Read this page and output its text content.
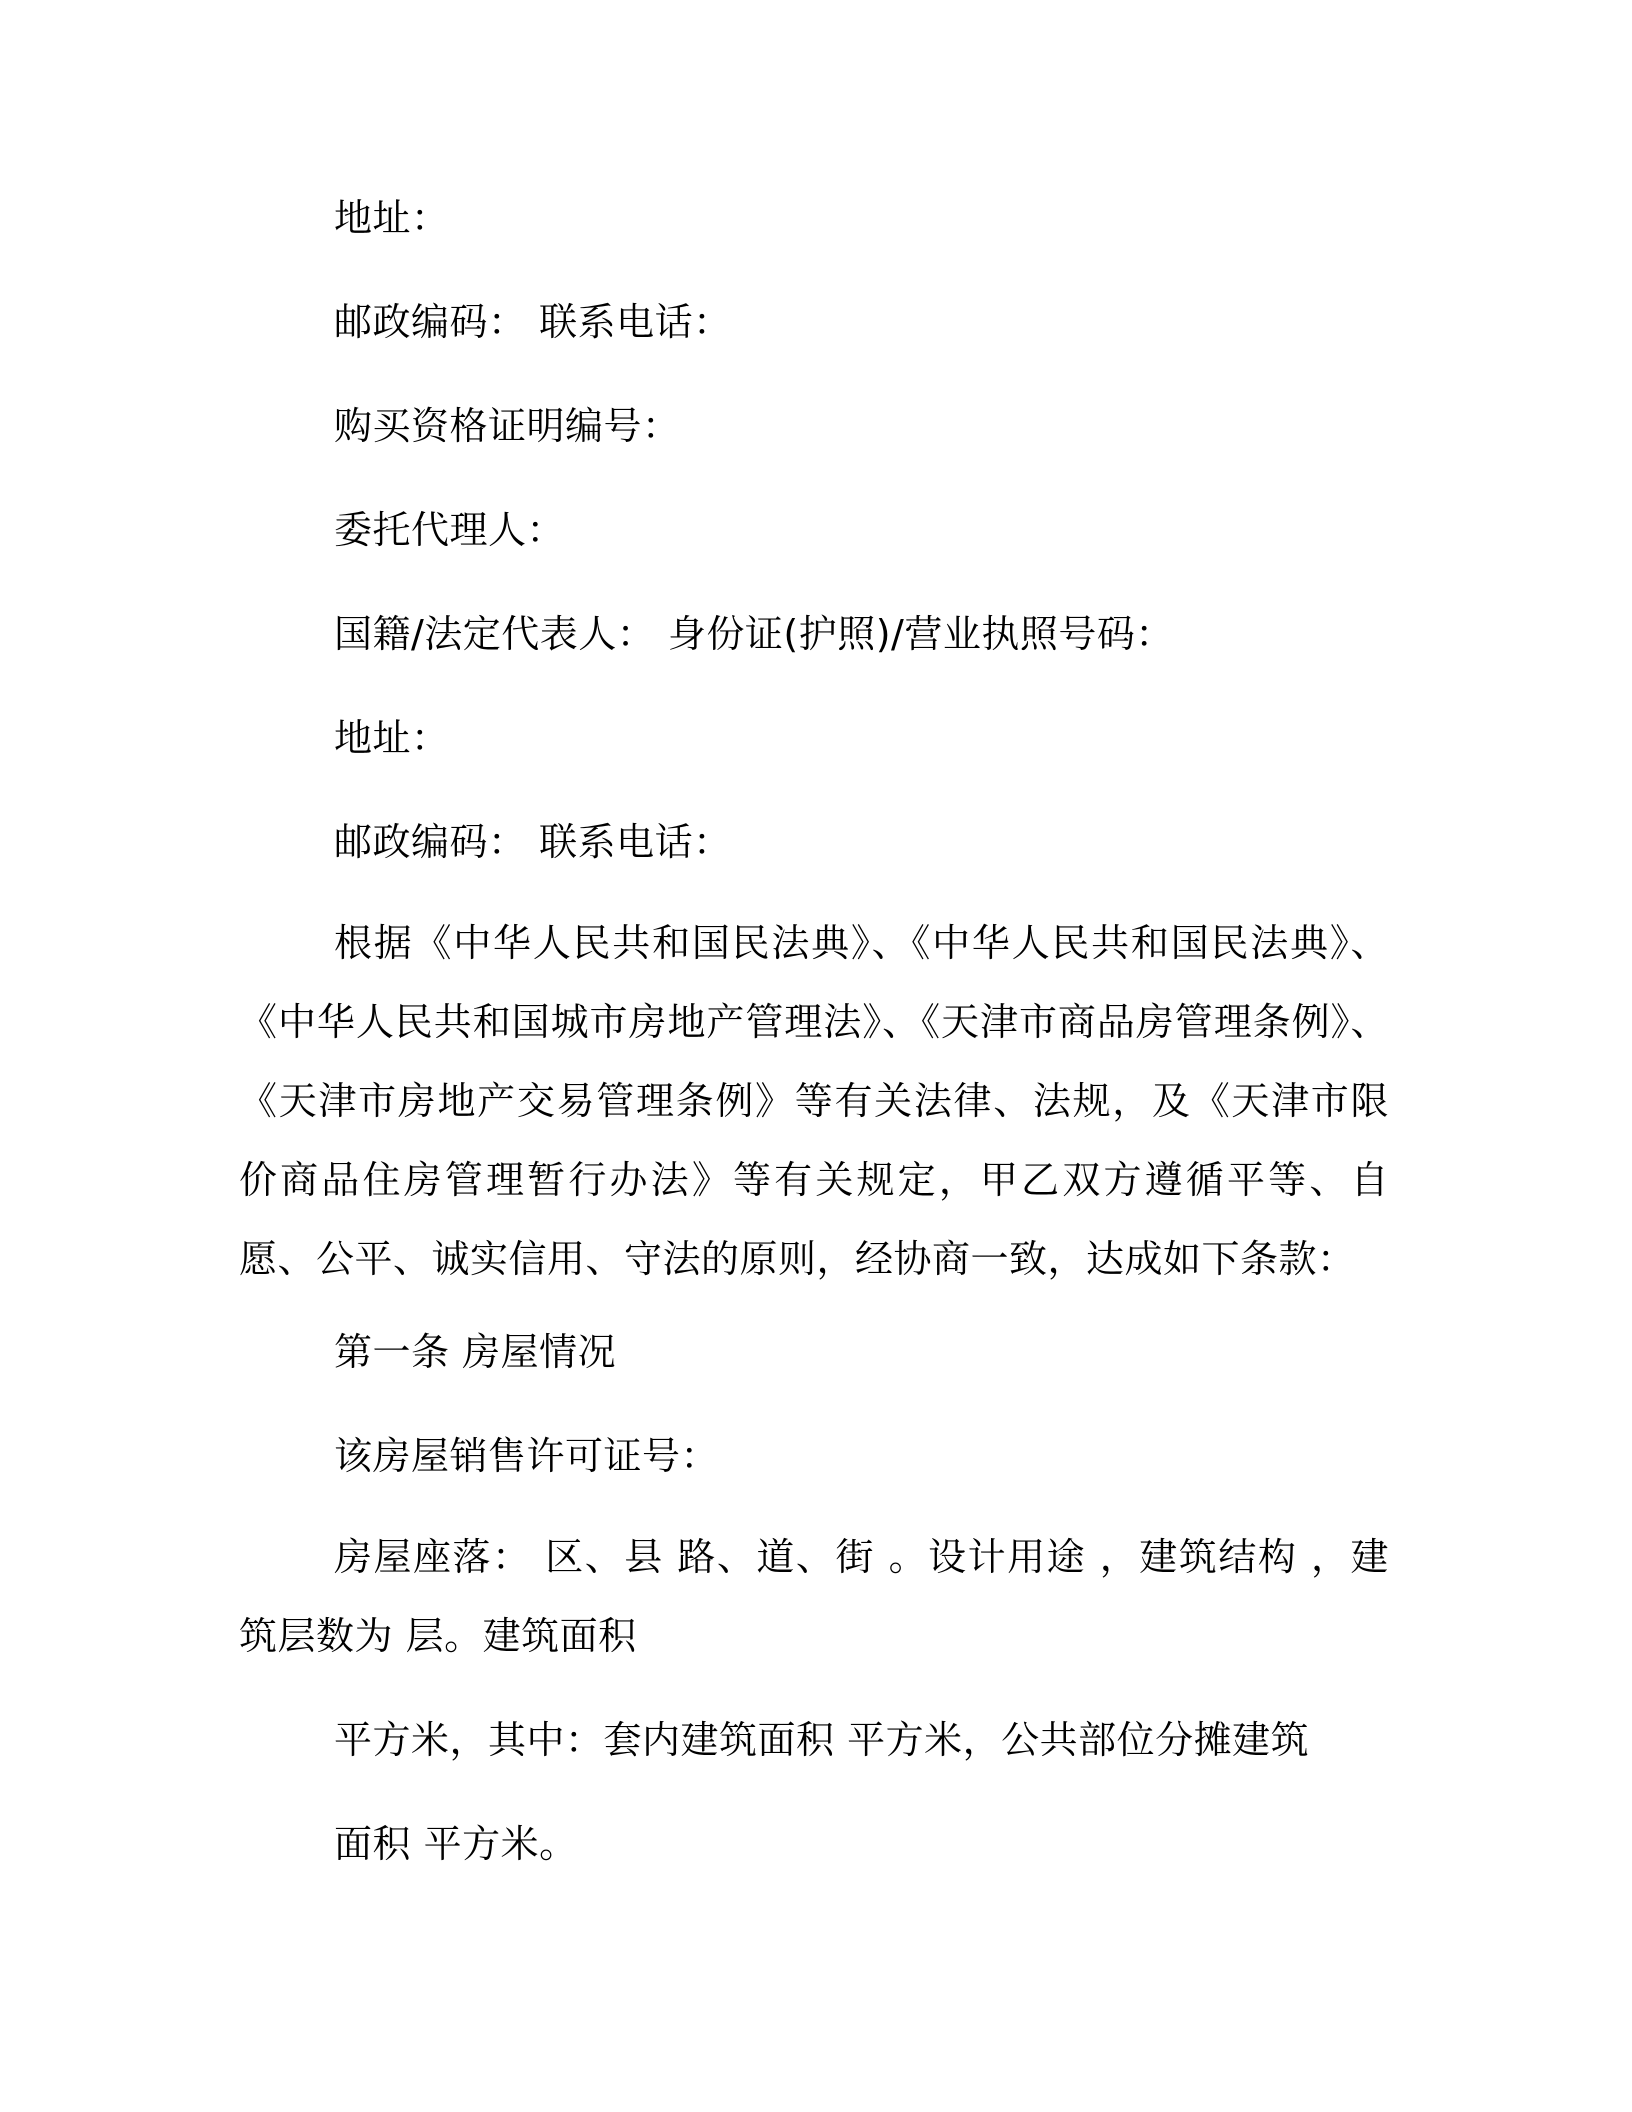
地址：
邮政编码： 联系电话：
购买资格证明编号：
委托代理人：
国籍/法定代表人： 身份证(护照)/营业执照号码：
地址：
邮政编码： 联系电话：
根据《中华人民共和国民法典》、《中华人民共和国民法典》、《中华人民共和国城市房地产管理法》、《天津市商品房管理条例》、《天津市房地产交易管理条例》等有关法律、法规，及《天津市限价商品住房管理暂行办法》等有关规定，甲乙双方遵循平等、自愿、公平、诚实信用、守法的原则，经协商一致，达成如下条款：
第一条 房屋情况
该房屋销售许可证号：
房屋座落： 区、县 路、道、街 。设计用途 ，建筑结构 ，建筑层数为 层。建筑面积
平方米，其中：套内建筑面积 平方米，公共部位分摊建筑
面积 平方米。
